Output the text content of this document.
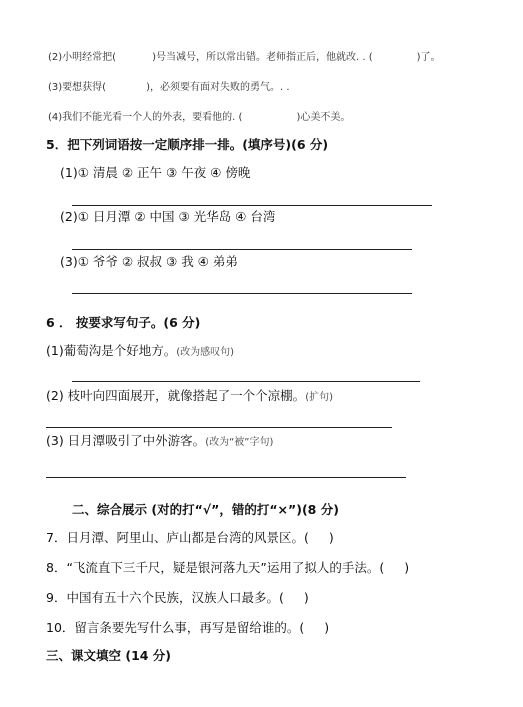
(2)小明经常把(	)号当减号，所以常出错。老师指正后，他就改. . (	)了。
(3)要想获得(	)，必须要有面对失败的勇气。. .
(4)我们不能光看一个人的外表，要看他的. (	)心美不美。
5．把下列词语按一定顺序排一排。(填序号)(6 分)
(1)① 清晨 ② 正午 ③ 午夜 ④ 傍晚
(2)① 日月潭 ② 中国 ③ 光华岛 ④ 台湾
(3)① 爷爷 ② 叔叔 ③ 我 ④ 弟弟
6 ． 按要求写句子。(6 分)
(1)葡萄沟是个好地方。(改为感叹句)
(2) 枝叶向四面展开，就像搭起了一个个凉棚。(扩句)
(3) 日月潭吸引了中外游客。(改为“被”字句)
二、综合展示 (对的打“√”，错的打“×”)(8 分)
7．日月潭、阿里山、庐山都是台湾的风景区。( )
8．“飞流直下三千尺，疑是银河落九天”运用了拟人的手法。( )
9．中国有五十六个民族，汉族人口最多。( )
10．留言条要先写什么事，再写是留给谁的。( )
三、课文填空 (14 分)
